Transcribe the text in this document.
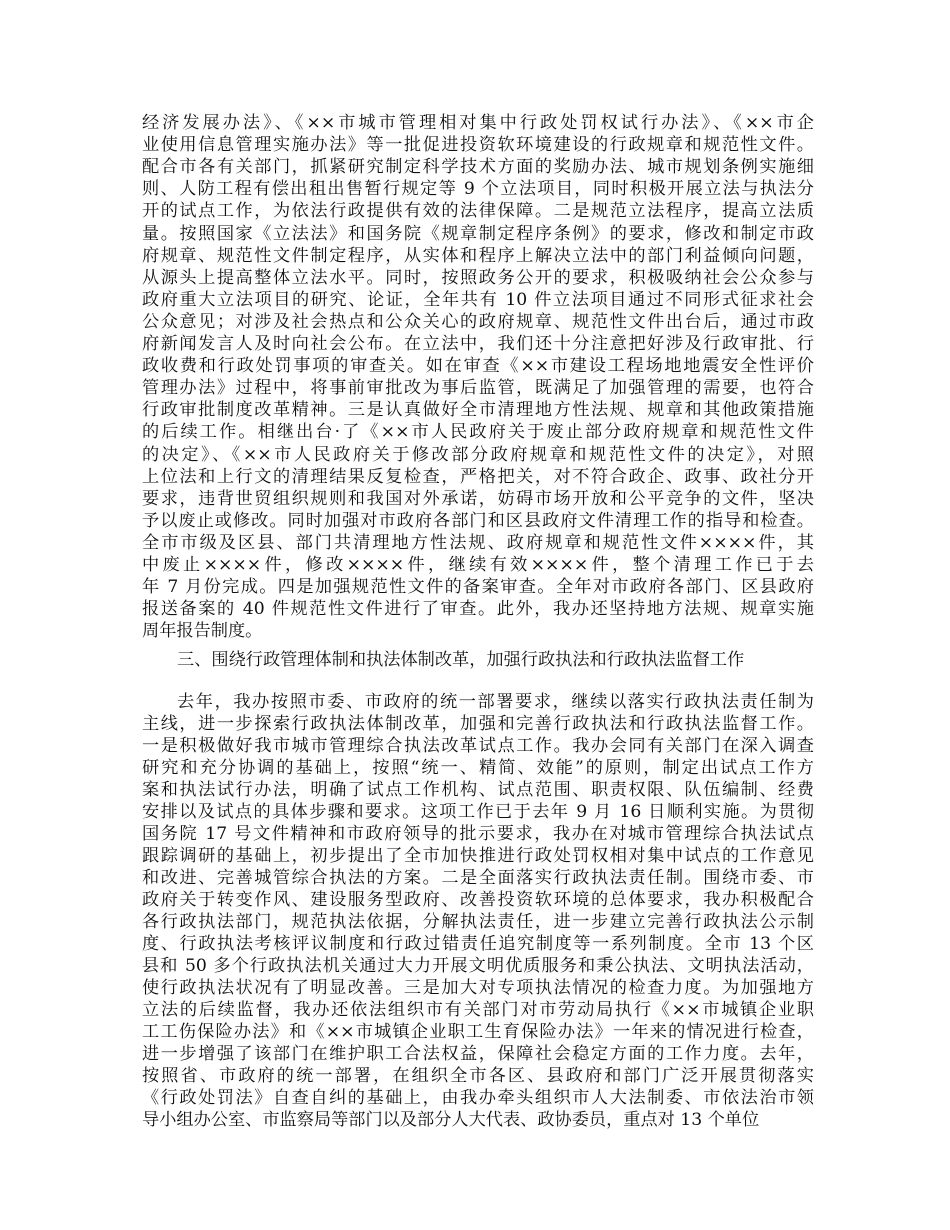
经济发展办法》、《××市城市管理相对集中行政处罚权试行办法》、《××市企
业使用信息管理实施办法》等一批促进投资软环境建设的行政规章和规范性文件。
配合市各有关部门，抓紧研究制定科学技术方面的奖励办法、城市规划条例实施细
则、人防工程有偿出租出售暂行规定等 9 个立法项目，同时积极开展立法与执法分
开的试点工作，为依法行政提供有效的法律保障。二是规范立法程序，提高立法质
量。按照国家《立法法》和国务院《规章制定程序条例》的要求，修改和制定市政
府规章、规范性文件制定程序，从实体和程序上解决立法中的部门利益倾向问题，
从源头上提高整体立法水平。同时，按照政务公开的要求，积极吸纳社会公众参与
政府重大立法项目的研究、论证，全年共有 10 件立法项目通过不同形式征求社会
公众意见；对涉及社会热点和公众关心的政府规章、规范性文件出台后，通过市政
府新闻发言人及时向社会公布。在立法中，我们还十分注意把好涉及行政审批、行
政收费和行政处罚事项的审查关。如在审查《××市建设工程场地地震安全性评价
管理办法》过程中，将事前审批改为事后监管，既满足了加强管理的需要，也符合
行政审批制度改革精神。三是认真做好全市清理地方性法规、规章和其他政策措施
的后续工作。相继出台·了《××市人民政府关于废止部分政府规章和规范性文件
的决定》、《××市人民政府关于修改部分政府规章和规范性文件的决定》，对照
上位法和上行文的清理结果反复检查，严格把关，对不符合政企、政事、政社分开
要求，违背世贸组织规则和我国对外承诺，妨碍市场开放和公平竞争的文件，坚决
予以废止或修改。同时加强对市政府各部门和区县政府文件清理工作的指导和检查。
全市市级及区县、部门共清理地方性法规、政府规章和规范性文件××××件，其
中废止××××件，修改××××件，继续有效××××件，整个清理工作已于去
年 7 月份完成。四是加强规范性文件的备案审查。全年对市政府各部门、区县政府
报送备案的 40 件规范性文件进行了审查。此外，我办还坚持地方法规、规章实施
周年报告制度。
三、围绕行政管理体制和执法体制改革，加强行政执法和行政执法监督工作
去年，我办按照市委、市政府的统一部署要求，继续以落实行政执法责任制为
主线，进一步探索行政执法体制改革，加强和完善行政执法和行政执法监督工作。
一是积极做好我市城市管理综合执法改革试点工作。我办会同有关部门在深入调查
研究和充分协调的基础上，按照“统一、精简、效能”的原则，制定出试点工作方
案和执法试行办法，明确了试点工作机构、试点范围、职责权限、队伍编制、经费
安排以及试点的具体步骤和要求。这项工作已于去年 9 月 16 日顺利实施。为贯彻
国务院 17 号文件精神和市政府领导的批示要求，我办在对城市管理综合执法试点
跟踪调研的基础上，初步提出了全市加快推进行政处罚权相对集中试点的工作意见
和改进、完善城管综合执法的方案。二是全面落实行政执法责任制。围绕市委、市
政府关于转变作风、建设服务型政府、改善投资软环境的总体要求，我办积极配合
各行政执法部门，规范执法依据，分解执法责任，进一步建立完善行政执法公示制
度、行政执法考核评议制度和行政过错责任追究制度等一系列制度。全市 13 个区
县和 50 多个行政执法机关通过大力开展文明优质服务和秉公执法、文明执法活动，
使行政执法状况有了明显改善。三是加大对专项执法情况的检查力度。为加强地方
立法的后续监督，我办还依法组织市有关部门对市劳动局执行《××市城镇企业职
工工伤保险办法》和《××市城镇企业职工生育保险办法》一年来的情况进行检查，
进一步增强了该部门在维护职工合法权益，保障社会稳定方面的工作力度。去年，
按照省、市政府的统一部署，在组织全市各区、县政府和部门广泛开展贯彻落实
《行政处罚法》自查自纠的基础上，由我办牵头组织市人大法制委、市依法治市领
导小组办公室、市监察局等部门以及部分人大代表、政协委员，重点对 13 个单位
